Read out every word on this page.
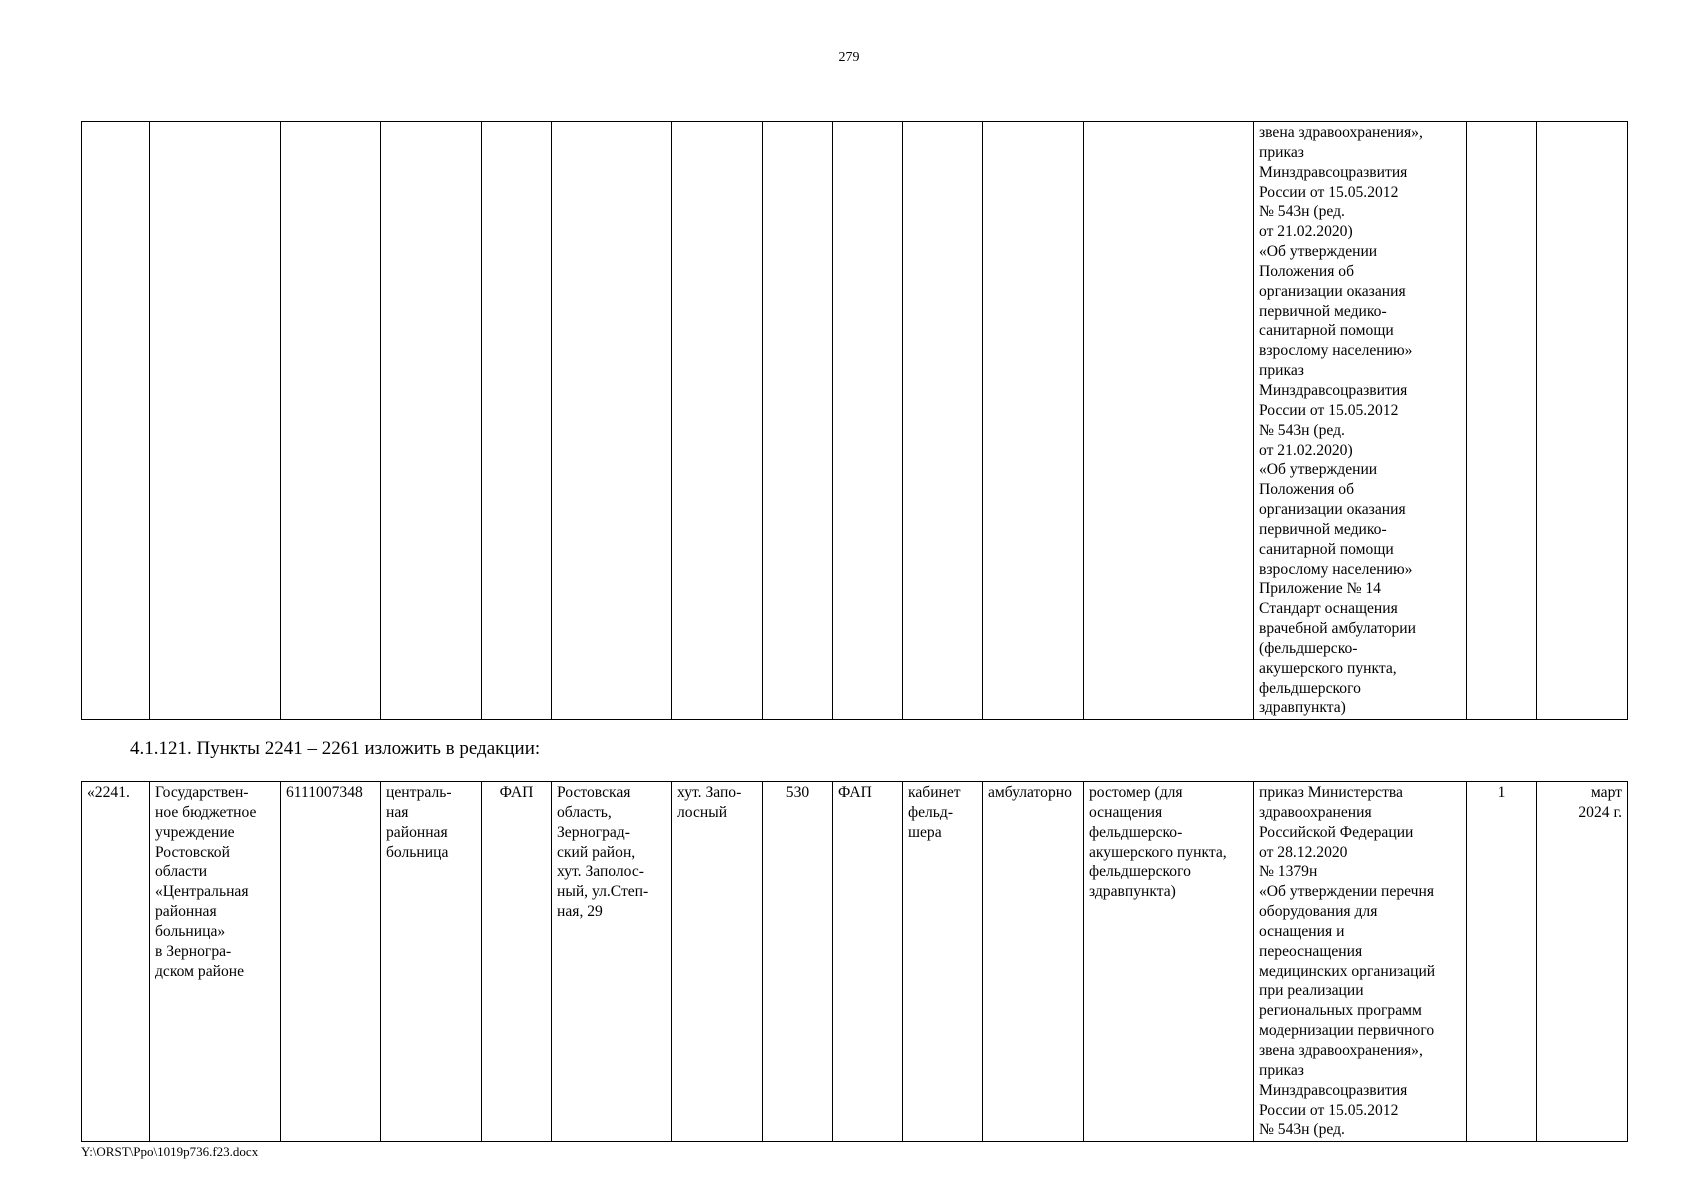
279
												звена здравоохранения»,
приказ
Минздравсоцразвития
России от 15.05.2012
№ 543н (ред.
от 21.02.2020)
«Об утверждении
Положения об
организации оказания
первичной медико-
санитарной помощи
взрослому населению»
приказ
Минздравсоцразвития
России от 15.05.2012
№ 543н (ред.
от 21.02.2020)
«Об утверждении
Положения об
организации оказания
первичной медико-
санитарной помощи
взрослому населению»
Приложение № 14
Стандарт оснащения
врачебной амбулатории
(фельдшерско-
акушерского пункта,
фельдшерского
здравпункта)		
4.1.121. Пункты 2241 – 2261 изложить в редакции:
«2241.	Государствен-
ное бюджетное
учреждение
Ростовской
области
«Центральная
районная
больница»
в Зерногра-
дском районе	6111007348	централь-
ная
районная
больница	ФАП	Ростовская
область,
Зерноград-
ский район,
хут. Заполос-
ный, ул.Степ-
ная, 29	хут. Запо-
лосный	530	ФАП	кабинет
фельд-
шера	амбулаторно	ростомер (для
оснащения
фельдшерско-
акушерского пункта,
фельдшерского
здравпункта)	приказ Министерства
здравоохранения
Российской Федерации
от 28.12.2020
№ 1379н
«Об утверждении перечня
оборудования для
оснащения и
переоснащения
медицинских организаций
при реализации
региональных программ
модернизации первичного
звена здравоохранения»,
приказ
Минздравсоцразвития
России от 15.05.2012
№ 543н (ред.	1	март
2024 г.
Y:\ORST\Ppo\1019p736.f23.docx
